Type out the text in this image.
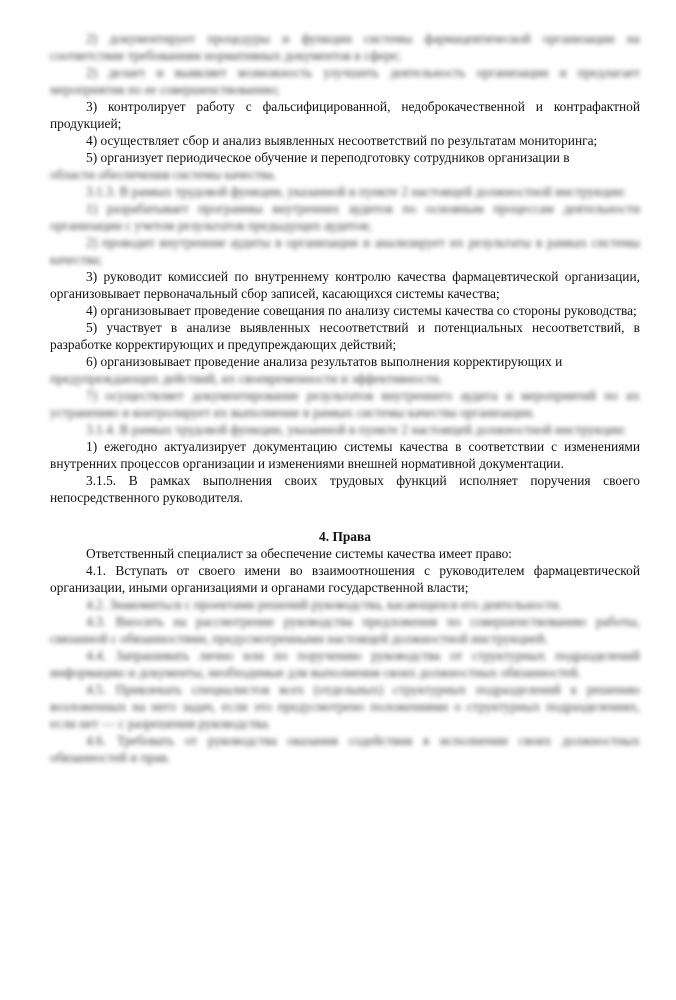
2) документирует процедуры и функции системы фармацевтической организации на соответствие требованиям нормативных документов в сфере;

2) делает и выявляет возможность улучшить деятельность организации и предлагает мероприятия по ее совершенствованию;

3) контролирует работу с фальсифицированной, недоброкачественной и контрафактной продукцией;

4) осуществляет сбор и анализ выявленных несоответствий по результатам мониторинга;

5) организует периодическое обучение и переподготовку сотрудников организации в

области обеспечения системы качества.

3.1.3. В рамках трудовой функции, указанной в пункте 2 настоящей должностной инструкции:

1) разрабатывает программы внутренних аудитов по основным процессам деятельности организации с учетом результатов предыдущих аудитов;

2) проводит внутренние аудиты в организации и анализирует их результаты в рамках системы качества;

3) руководит комиссией по внутреннему контролю качества фармацевтической организации, организовывает первоначальный сбор записей, касающихся системы качества;

4) организовывает проведение совещания по анализу системы качества со стороны руководства;

5) участвует в анализе выявленных несоответствий и потенциальных несоответствий, в разработке корректирующих и предупреждающих действий;

6) организовывает проведение анализа результатов выполнения корректирующих и

предупреждающих действий, их своевременности и эффективности.

7) осуществляет документирование результатов внутреннего аудита и мероприятий по их устранению и контролирует их выполнение в рамках системы качества организации.

3.1.4. В рамках трудовой функции, указанной в пункте 2 настоящей должностной инструкции:

1) ежегодно актуализирует документацию системы качества в соответствии с изменениями внутренних процессов организации и изменениями внешней нормативной документации.

3.1.5. В рамках выполнения своих трудовых функций исполняет поручения своего непосредственного руководителя.

4. Права

Ответственный специалист за обеспечение системы качества имеет право:

4.1. Вступать от своего имени во взаимоотношения с руководителем фармацевтической организации, иными организациями и органами государственной власти;

4.2. Знакомиться с проектами решений руководства, касающихся его деятельности.

4.3. Вносить на рассмотрение руководства предложения по совершенствованию работы, связанной с обязанностями, предусмотренными настоящей должностной инструкцией.

4.4. Запрашивать лично или по поручению руководства от структурных подразделений информацию и документы, необходимые для выполнения своих должностных обязанностей.

4.5. Привлекать специалистов всех (отдельных) структурных подразделений к решению возложенных на него задач, если это предусмотрено положениями о структурных подразделениях, если нет — с разрешения руководства.

4.6. Требовать от руководства оказания содействия в исполнении своих должностных обязанностей и прав.
